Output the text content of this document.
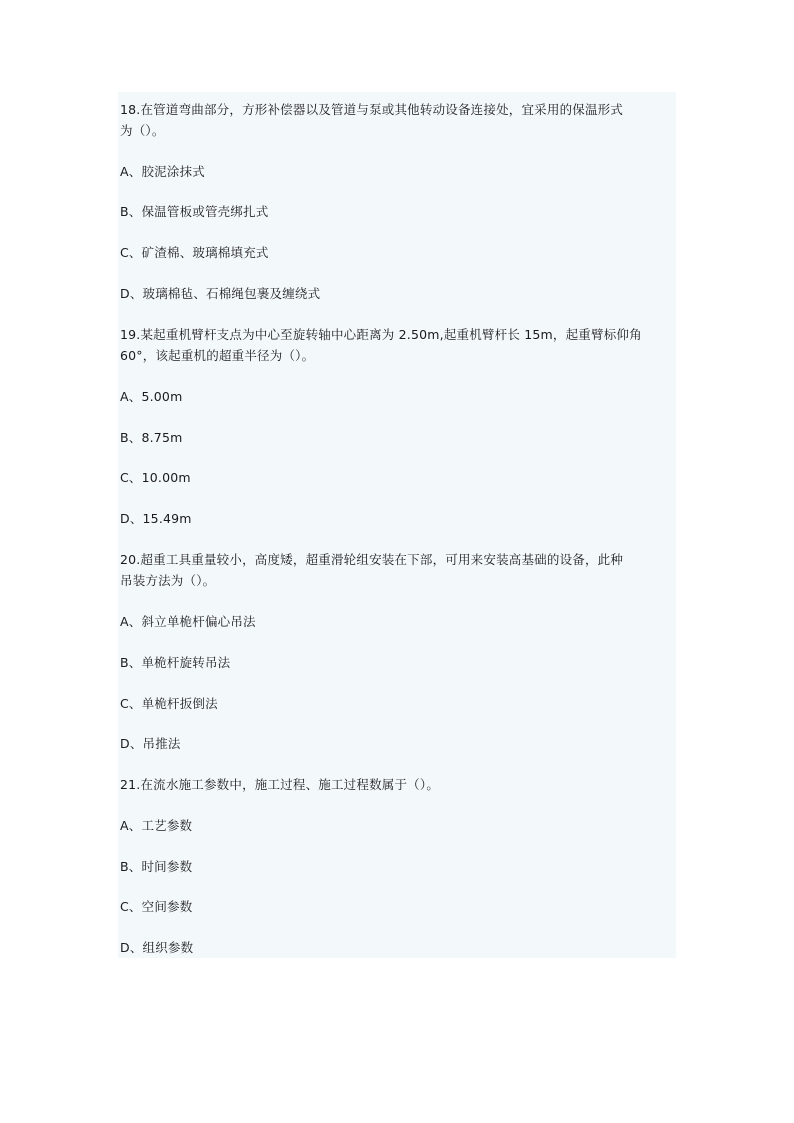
18.在管道弯曲部分，方形补偿器以及管道与泵或其他转动设备连接处，宜采用的保温形式
为（）。
A、胶泥涂抹式
B、保温管板或管壳绑扎式
C、矿渣棉、玻璃棉填充式
D、玻璃棉毡、石棉绳包裹及缠绕式
19.某起重机臂杆支点为中心至旋转轴中心距离为 2.50m,起重机臂杆长 15m，起重臂标仰角
60°，该起重机的超重半径为（）。
A、5.00m
B、8.75m
C、10.00m
D、15.49m
20.超重工具重量较小，高度矮，超重滑轮组安装在下部，可用来安装高基础的设备，此种
吊装方法为（）。
A、斜立单桅杆偏心吊法
B、单桅杆旋转吊法
C、单桅杆扳倒法
D、吊推法
21.在流水施工参数中，施工过程、施工过程数属于（）。
A、工艺参数
B、时间参数
C、空间参数
D、组织参数
